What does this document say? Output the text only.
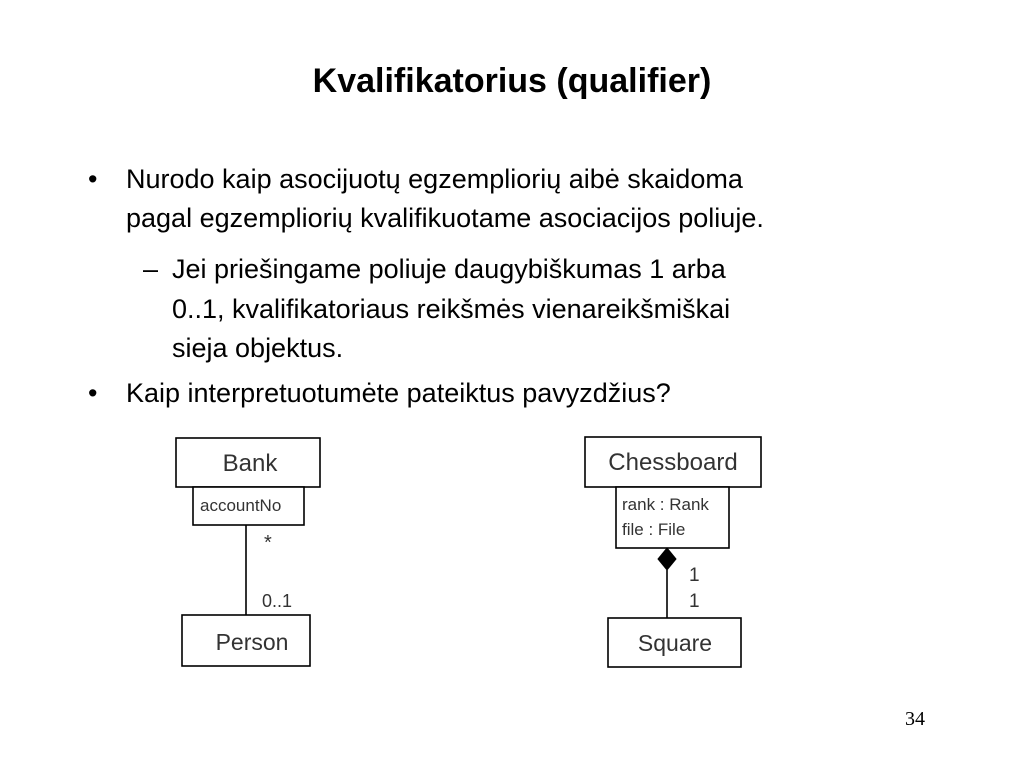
Kvalifikatorius (qualifier)
• Nurodo kaip asocijuotų egzempliorių aibė skaidoma
pagal egzempliorių kvalifikuotame asociacijos poliuje.
– Jei priešingame poliuje daugybiškumas 1 arba
0..1, kvalifikatoriaus reikšmės vienareikšmiškai
sieja objektus.
• Kaip interpretuotumėte pateiktus pavyzdžius?
Bank
accountNo
*
0..1
Person
Chessboard
rank : Rank
file : File
1
1
Square
34
